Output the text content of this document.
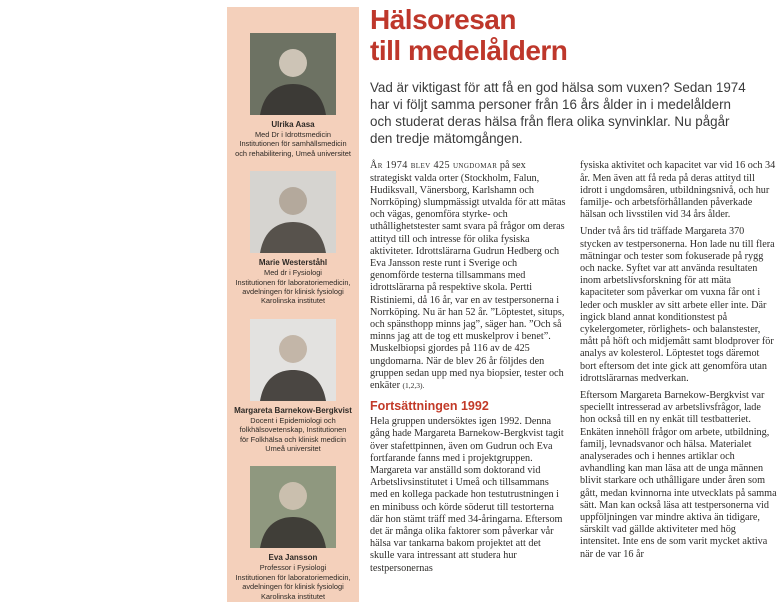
Ulrika Aasa
Med Dr i Idrottsmedicin
Institutionen för samhällsmedicin
och rehabilitering, Umeå universitet
Marie Westerståhl
Med dr i Fysiologi
Institutionen för laboratoriemedicin,
avdelningen för klinisk fysiologi
Karolinska institutet
Margareta Barnekow-Bergkvist
Docent i Epidemiologi och
folkhälsovetenskap, Institutionen
för Folkhälsa och klinisk medicin
Umeå universitet
Eva Jansson
Professor i Fysiologi
Institutionen för laboratoriemedicin,
avdelningen för klinisk fysiologi
Karolinska institutet
Hälsoresan
till medelåldern

Vad är viktigast för att få en god hälsa som vuxen? Sedan 1974 har vi följt samma personer från 16 års ålder in i medelåldern och studerat deras hälsa från flera olika synvinklar. Nu pågår den tredje mätomgången.

År 1974 blev 425 ungdomar på sex strategiskt valda orter (Stockholm, Falun, Hudiksvall, Vänersborg, Karlshamn och Norrköping) slumpmässigt utvalda för att mätas och vägas, genomföra styrke- och uthållighetstester samt svara på frågor om deras attityd till och intresse för olika fysiska aktiviteter. Idrottslärarna Gudrun Hedberg och Eva Jansson reste runt i Sverige och genomförde testerna tillsammans med idrottslärarna på respektive skola. Pertti Ristiniemi, då 16 år, var en av testpersonerna i Norrköping. Nu är han 52 år. ”Löptestet, situps, och spänsthopp minns jag”, säger han. ”Och så minns jag att de tog ett muskelprov i benet”. Muskelbiopsi gjordes på 116 av de 425 ungdomarna. När de blev 26 år följdes den gruppen sedan upp med nya biopsier, tester och enkäter (1,2,3).

Fortsättningen 1992

Hela gruppen undersöktes igen 1992. Denna gång hade Margareta Barnekow-Bergkvist tagit över stafettpinnen, även om Gudrun och Eva fortfarande fanns med i projektgruppen. Margareta var anställd som doktorand vid Arbetslivsinstitutet i Umeå och tillsammans med en kollega packade hon testutrustningen i en minibuss och körde söderut till testorterna där hon stämt träff med 34-åringarna. Eftersom det är många olika faktorer som påverkar vår hälsa var tankarna bakom projektet att det skulle vara intressant att studera hur testpersonernas

fysiska aktivitet och kapacitet var vid 16 och 34 år. Men även att få reda på deras attityd till idrott i ungdomsåren, utbildningsnivå, och hur familje- och arbetsförhållanden påverkade hälsan och livsstilen vid 34 års ålder.

Under två års tid träffade Margareta 370 stycken av testpersonerna. Hon lade nu till flera mätningar och tester som fokuserade på rygg och nacke. Syftet var att använda resultaten inom arbetslivsforskning för att mäta kapaciteter som påverkar om vuxna får ont i leder och muskler av sitt arbete eller inte. Där ingick bland annat konditionstest på cykelergometer, rörlighets- och balanstester, mått på höft och midjemått samt blodprover för analys av kolesterol. Löptestet togs däremot bort eftersom det inte gick att genomföra utan idrottslärarnas medverkan.

Eftersom Margareta Barnekow-Bergkvist var speciellt intresserad av arbetslivsfrågor, lade hon också till en ny enkät till testbatteriet. Enkäten innehöll frågor om arbete, utbildning, familj, levnadsvanor och hälsa. Materialet analyserades och i hennes artiklar och avhandling kan man läsa att de unga männen blivit starkare och uthålligare under åren som gått, medan kvinnorna inte utvecklats på samma sätt. Man kan också läsa att testpersonerna vid uppföljningen var mindre aktiva än tidigare, särskilt vad gällde aktiviteter med hög intensitet. Inte ens de som varit mycket aktiva när de var 16 år
